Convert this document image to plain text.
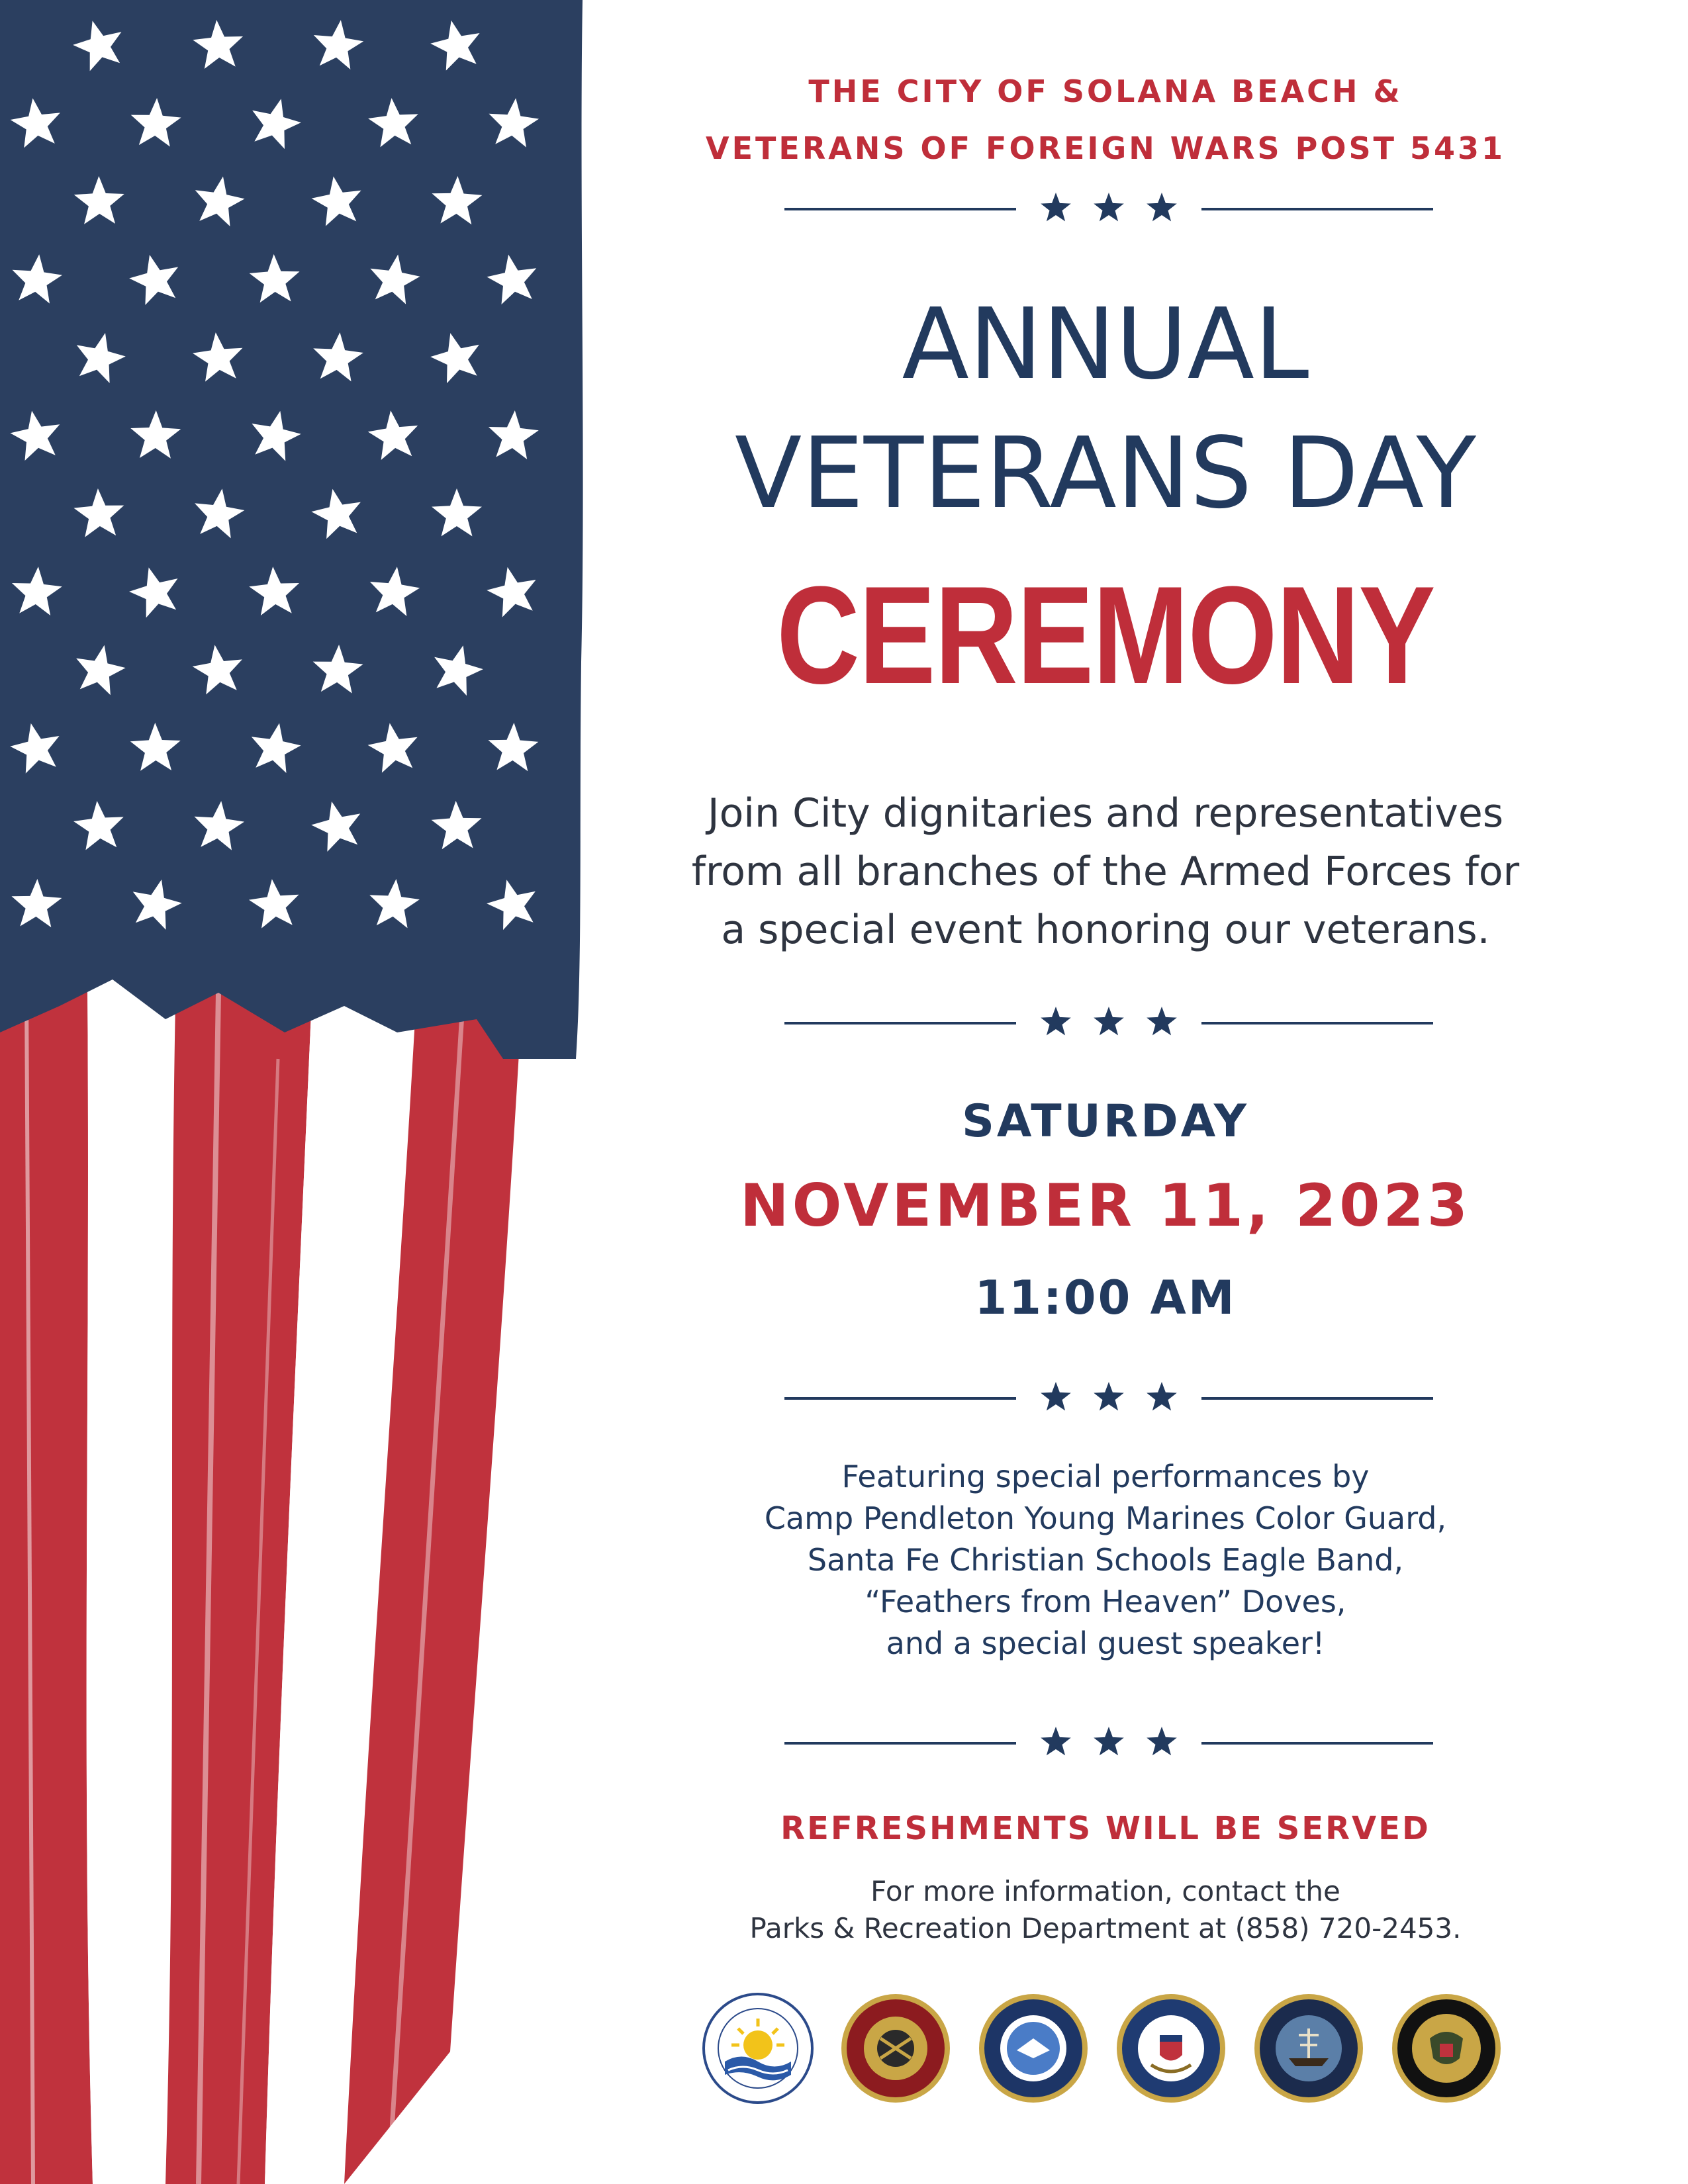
THE CITY OF SOLANA BEACH &
VETERANS OF FOREIGN WARS POST 5431
ANNUAL
VETERANS DAY
CEREMONY
Join City dignitaries and representatives
from all branches of the Armed Forces for
a special event honoring our veterans.
SATURDAY
NOVEMBER 11, 2023
11:00 AM
Featuring special performances by
Camp Pendleton Young Marines Color Guard,
Santa Fe Christian Schools Eagle Band,
“Feathers from Heaven” Doves,
and a special guest speaker!
REFRESHMENTS WILL BE SERVED
For more information, contact the
Parks & Recreation Department at (858) 720-2453.
